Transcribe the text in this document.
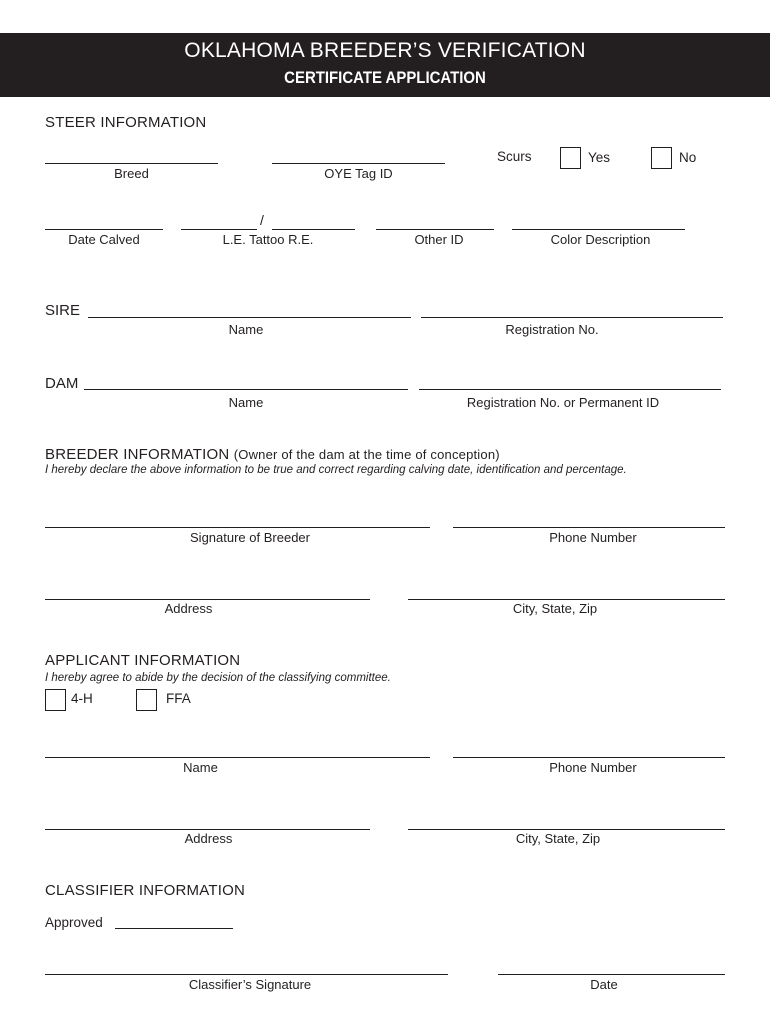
OKLAHOMA BREEDER’S VERIFICATION
CERTIFICATE APPLICATION
STEER INFORMATION
Breed	OYE Tag ID
Scurs	Yes	No
Date Calved
/
L.E. Tattoo R.E.	Other ID	Color Description
SIRE
Name	Registration No.
DAM
Name	Registration No. or Permanent ID
BREEDER INFORMATION (Owner of the dam at the time of conception)
I hereby declare the above information to be true and correct regarding calving date, identification and percentage.
Signature of Breeder	Phone Number
Address	City, State, Zip
APPLICANT INFORMATION
I hereby agree to abide by the decision of the classifying committee.
4-H	FFA
Name	Phone Number
Address	City, State, Zip
CLASSIFIER INFORMATION
Approved
Classifier’s Signature	Date
